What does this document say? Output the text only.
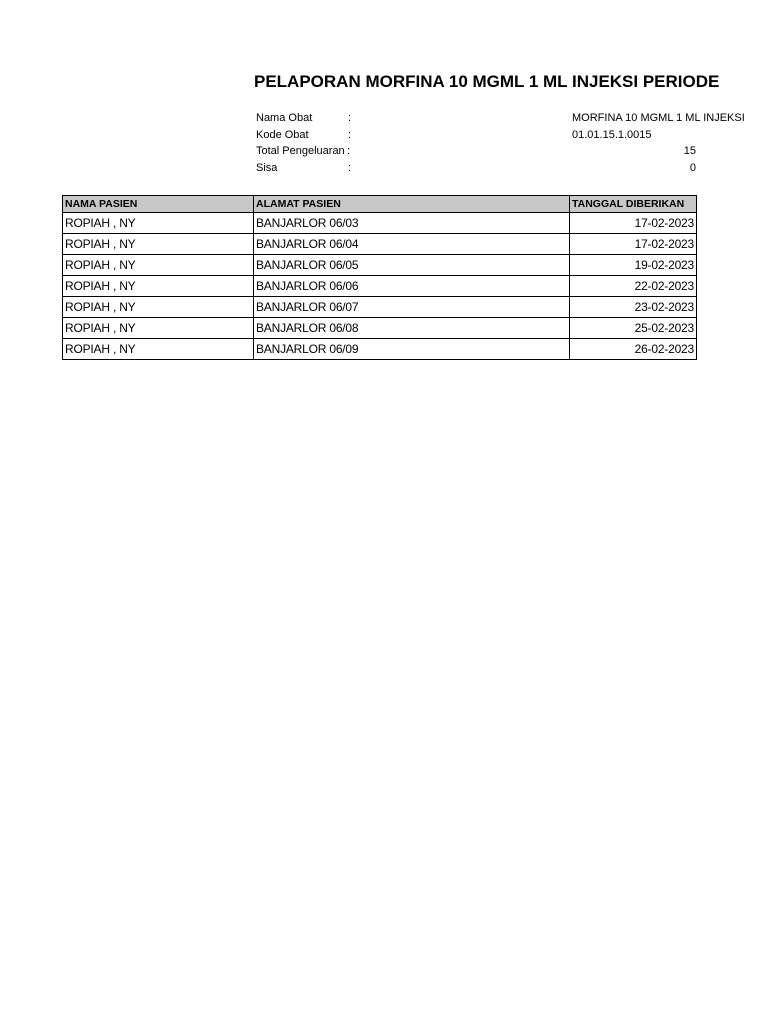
PELAPORAN MORFINA 10 MGML 1 ML INJEKSI PERIODE
Nama Obat	:	MORFINA 10 MGML 1 ML INJEKSI
Kode Obat	:	01.01.15.1.0015
Total Pengeluaran :	15
Sisa	:	0
NAMA PASIEN	ALAMAT PASIEN	TANGGAL DIBERIKAN
ROPIAH , NY	BANJARLOR 06/03	17-02-2023
ROPIAH , NY	BANJARLOR 06/04	17-02-2023
ROPIAH , NY	BANJARLOR 06/05	19-02-2023
ROPIAH , NY	BANJARLOR 06/06	22-02-2023
ROPIAH , NY	BANJARLOR 06/07	23-02-2023
ROPIAH , NY	BANJARLOR 06/08	25-02-2023
ROPIAH , NY	BANJARLOR 06/09	26-02-2023
